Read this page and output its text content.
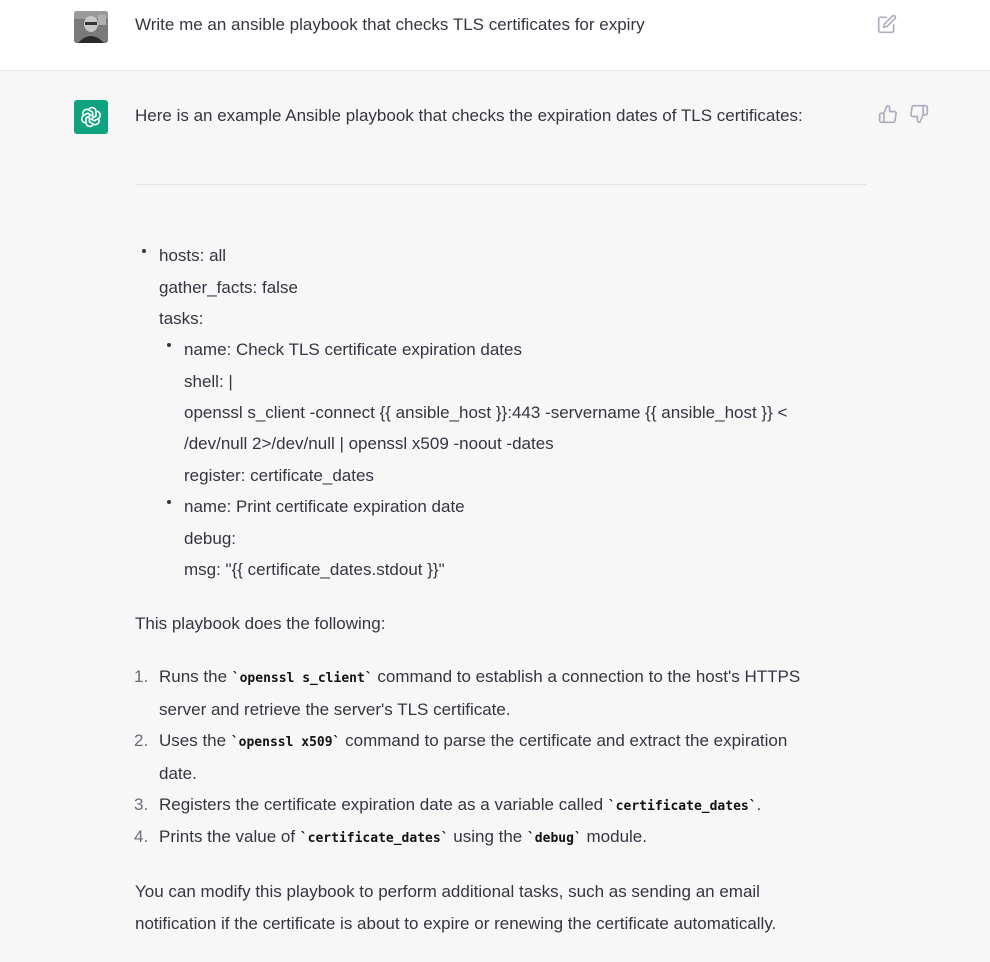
Write me an ansible playbook that checks TLS certificates for expiry
Here is an example Ansible playbook that checks the expiration dates of TLS certificates:
hosts: all
gather_facts: false
tasks:
name: Check TLS certificate expiration dates
shell: |
openssl s_client -connect {{ ansible_host }}:443 -servername {{ ansible_host }} <
/dev/null 2>/dev/null | openssl x509 -noout -dates
register: certificate_dates
name: Print certificate expiration date
debug:
msg: "{{ certificate_dates.stdout }}"
This playbook does the following:
1. Runs the `openssl s_client` command to establish a connection to the host's HTTPS
server and retrieve the server's TLS certificate.
2. Uses the `openssl x509` command to parse the certificate and extract the expiration
date.
3. Registers the certificate expiration date as a variable called `certificate_dates`.
4. Prints the value of `certificate_dates` using the `debug` module.
You can modify this playbook to perform additional tasks, such as sending an email
notification if the certificate is about to expire or renewing the certificate automatically.
